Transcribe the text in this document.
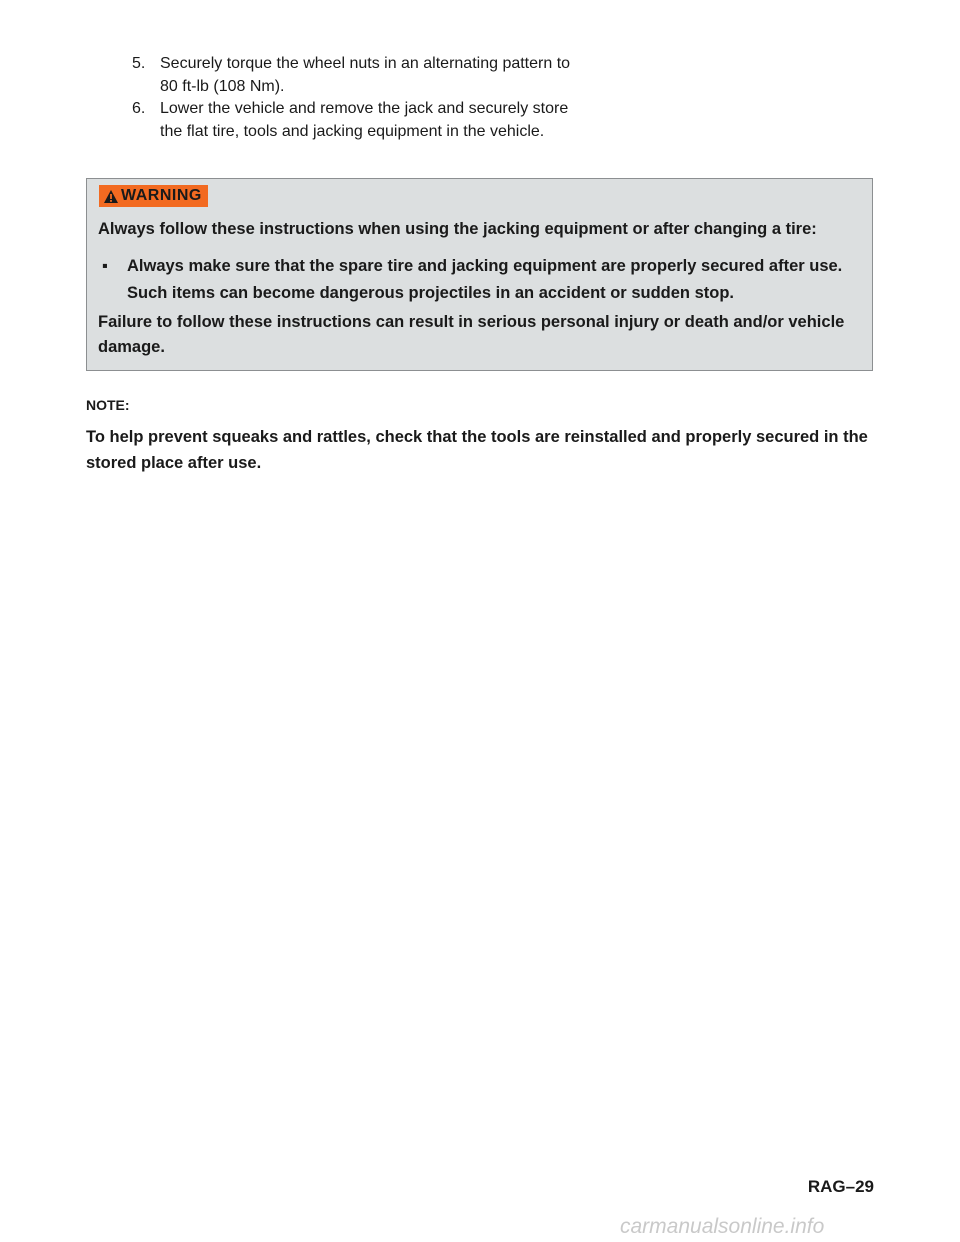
5. Securely torque the wheel nuts in an alternating pattern to 80 ft-lb (108 Nm).
6. Lower the vehicle and remove the jack and securely store the flat tire, tools and jacking equipment in the vehicle.
WARNING

Always follow these instructions when using the jacking equipment or after changing a tire:

▪ Always make sure that the spare tire and jacking equipment are properly secured after use. Such items can become dangerous projectiles in an accident or sudden stop.

Failure to follow these instructions can result in serious personal injury or death and/or vehicle damage.

NOTE:

To help prevent squeaks and rattles, check that the tools are reinstalled and properly secured in the stored place after use.

RAG–29

carmanualsonline.info
